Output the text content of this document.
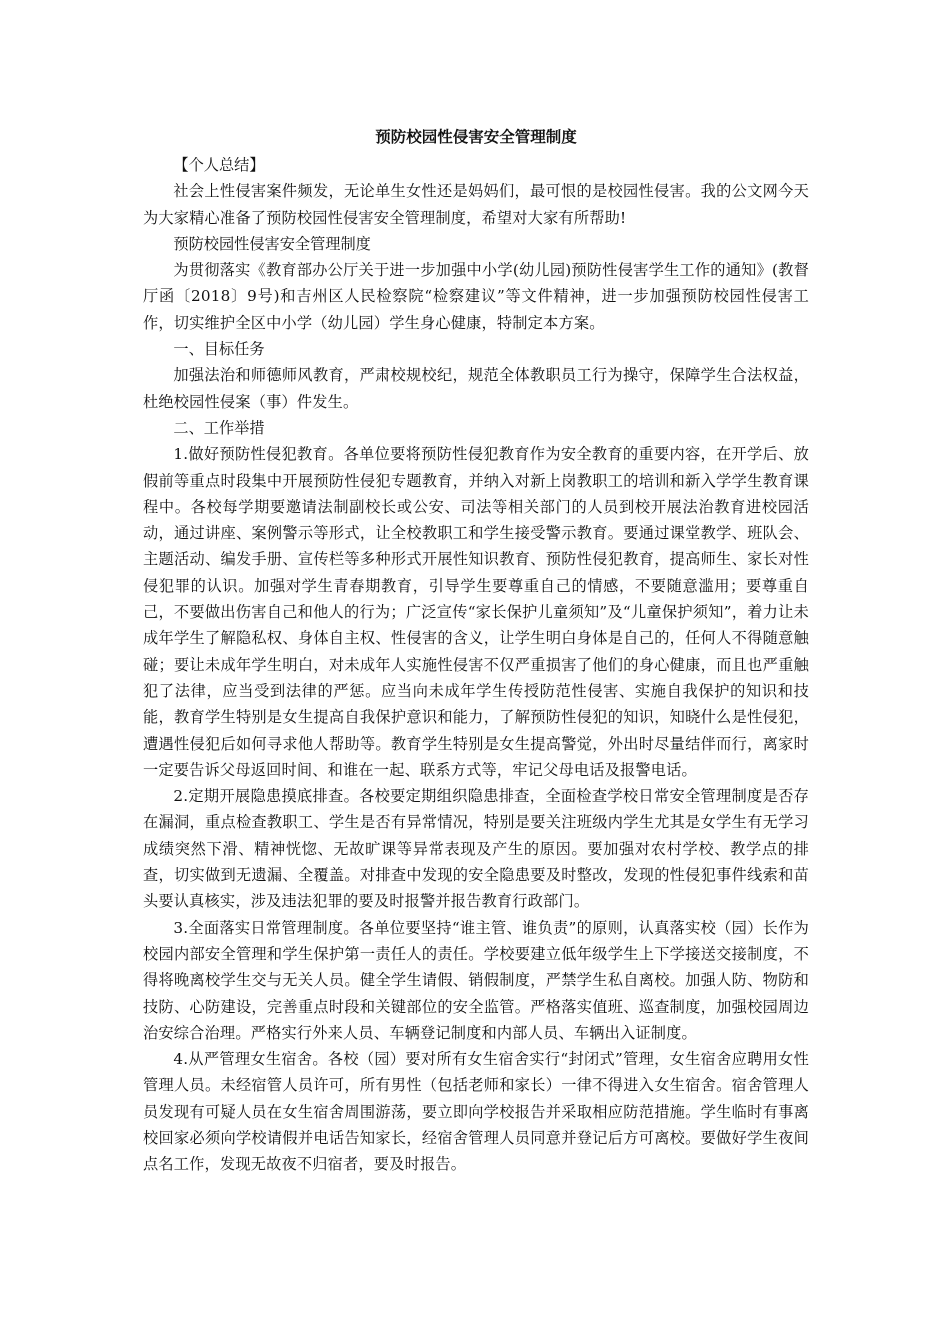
预防校园性侵害安全管理制度

【个人总结】

社会上性侵害案件频发，无论单生女性还是妈妈们，最可恨的是校园性侵害。我的公文网今天为大家精心准备了预防校园性侵害安全管理制度，希望对大家有所帮助!

预防校园性侵害安全管理制度

为贯彻落实《教育部办公厅关于进一步加强中小学(幼儿园)预防性侵害学生工作的通知》(教督厅函〔2018〕9号)和吉州区人民检察院“检察建议”等文件精神，进一步加强预防校园性侵害工作，切实维护全区中小学（幼儿园）学生身心健康，特制定本方案。

一、目标任务

加强法治和师德师风教育，严肃校规校纪，规范全体教职员工行为操守，保障学生合法权益，杜绝校园性侵案（事）件发生。

二、工作举措

1.做好预防性侵犯教育。各单位要将预防性侵犯教育作为安全教育的重要内容，在开学后、放假前等重点时段集中开展预防性侵犯专题教育，并纳入对新上岗教职工的培训和新入学学生教育课程中。各校每学期要邀请法制副校长或公安、司法等相关部门的人员到校开展法治教育进校园活动，通过讲座、案例警示等形式，让全校教职工和学生接受警示教育。要通过课堂教学、班队会、主题活动、编发手册、宣传栏等多种形式开展性知识教育、预防性侵犯教育，提高师生、家长对性侵犯罪的认识。加强对学生青春期教育，引导学生要尊重自己的情感，不要随意滥用；要尊重自己，不要做出伤害自己和他人的行为；广泛宣传“家长保护儿童须知”及“儿童保护须知”，着力让未成年学生了解隐私权、身体自主权、性侵害的含义，让学生明白身体是自己的，任何人不得随意触碰；要让未成年学生明白，对未成年人实施性侵害不仅严重损害了他们的身心健康，而且也严重触犯了法律，应当受到法律的严惩。应当向未成年学生传授防范性侵害、实施自我保护的知识和技能，教育学生特别是女生提高自我保护意识和能力，了解预防性侵犯的知识，知晓什么是性侵犯，遭遇性侵犯后如何寻求他人帮助等。教育学生特别是女生提高警觉，外出时尽量结伴而行，离家时一定要告诉父母返回时间、和谁在一起、联系方式等，牢记父母电话及报警电话。

2.定期开展隐患摸底排查。各校要定期组织隐患排查，全面检查学校日常安全管理制度是否存在漏洞，重点检查教职工、学生是否有异常情况，特别是要关注班级内学生尤其是女学生有无学习成绩突然下滑、精神恍惚、无故旷课等异常表现及产生的原因。要加强对农村学校、教学点的排查，切实做到无遗漏、全覆盖。对排查中发现的安全隐患要及时整改，发现的性侵犯事件线索和苗头要认真核实，涉及违法犯罪的要及时报警并报告教育行政部门。

3.全面落实日常管理制度。各单位要坚持“谁主管、谁负责”的原则，认真落实校（园）长作为校园内部安全管理和学生保护第一责任人的责任。学校要建立低年级学生上下学接送交接制度，不得将晚离校学生交与无关人员。健全学生请假、销假制度，严禁学生私自离校。加强人防、物防和技防、心防建设，完善重点时段和关键部位的安全监管。严格落实值班、巡查制度，加强校园周边治安综合治理。严格实行外来人员、车辆登记制度和内部人员、车辆出入证制度。

4.从严管理女生宿舍。各校（园）要对所有女生宿舍实行“封闭式”管理，女生宿舍应聘用女性管理人员。未经宿管人员许可，所有男性（包括老师和家长）一律不得进入女生宿舍。宿舍管理人员发现有可疑人员在女生宿舍周围游荡，要立即向学校报告并采取相应防范措施。学生临时有事离校回家必须向学校请假并电话告知家长，经宿舍管理人员同意并登记后方可离校。要做好学生夜间点名工作，发现无故夜不归宿者，要及时报告。
